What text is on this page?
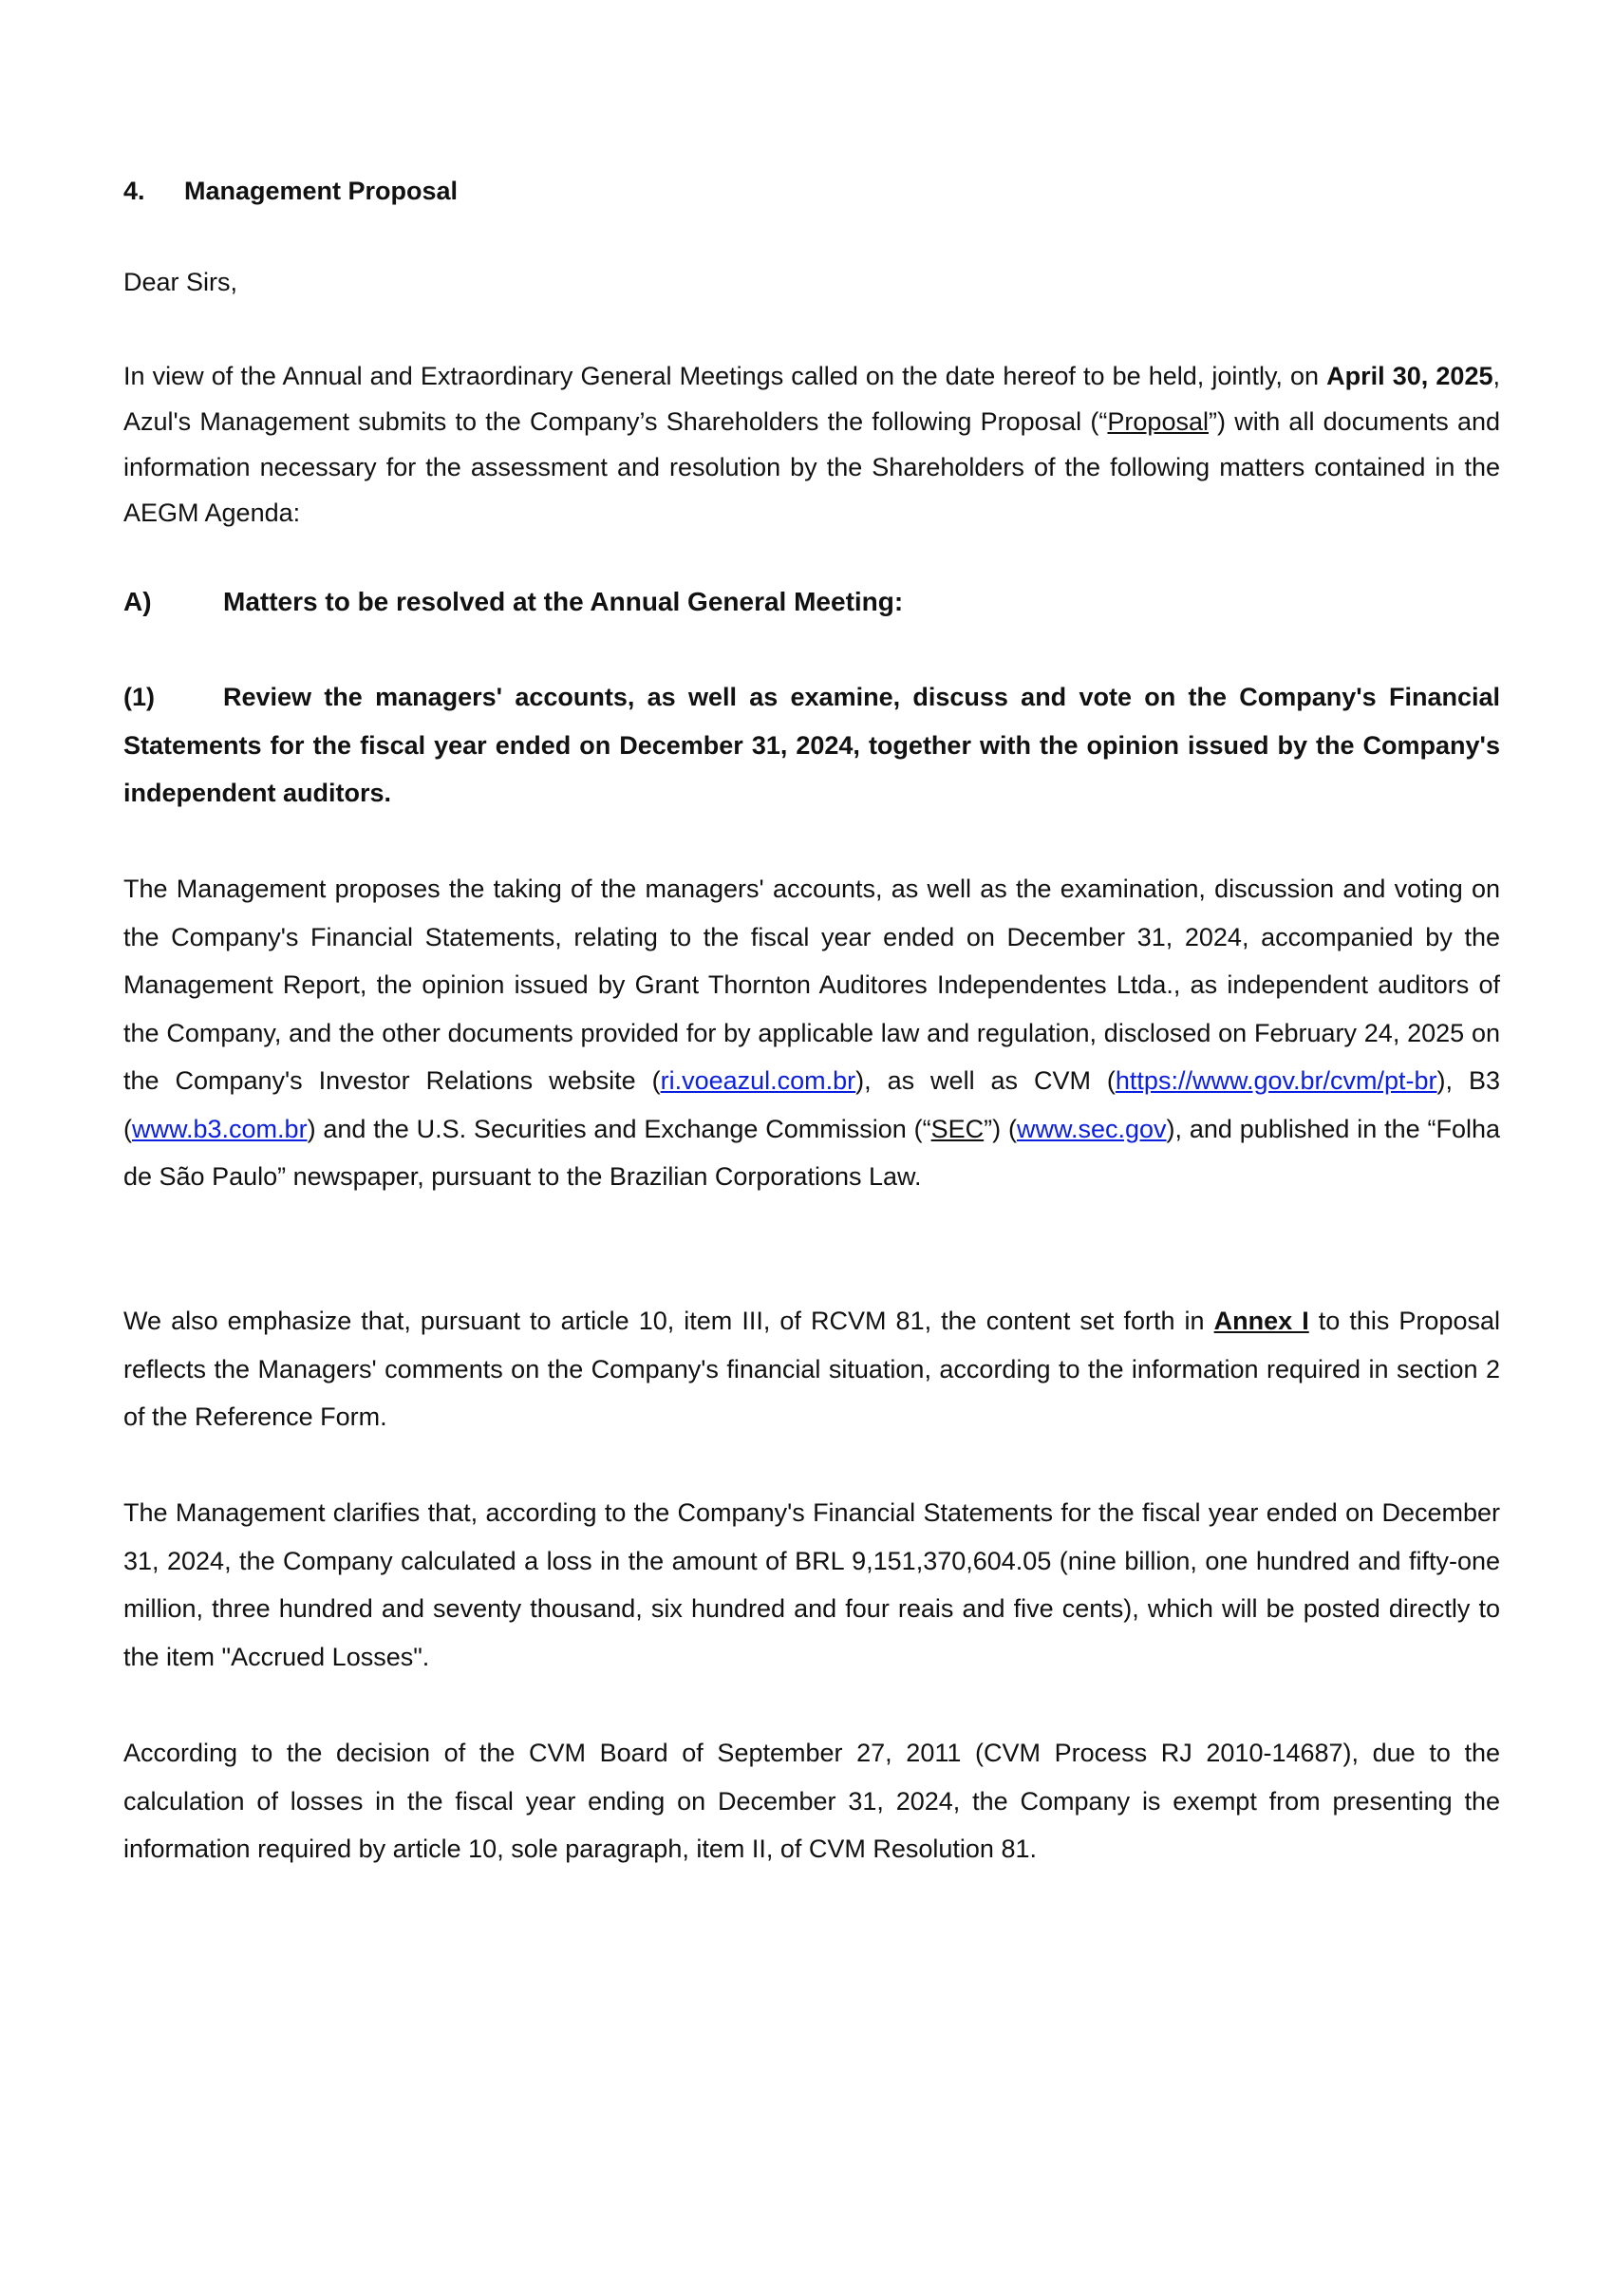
4. Management Proposal
Dear Sirs,
In view of the Annual and Extraordinary General Meetings called on the date hereof to be held, jointly, on April 30, 2025, Azul's Management submits to the Company’s Shareholders the following Proposal (“Proposal”) with all documents and information necessary for the assessment and resolution by the Shareholders of the following matters contained in the AEGM Agenda:
A)	Matters to be resolved at the Annual General Meeting:
(1)	Review the managers' accounts, as well as examine, discuss and vote on the Company's Financial Statements for the fiscal year ended on December 31, 2024, together with the opinion issued by the Company's independent auditors.
The Management proposes the taking of the managers' accounts, as well as the examination, discussion and voting on the Company's Financial Statements, relating to the fiscal year ended on December 31, 2024, accompanied by the Management Report, the opinion issued by Grant Thornton Auditores Independentes Ltda., as independent auditors of the Company, and the other documents provided for by applicable law and regulation, disclosed on February 24, 2025 on the Company's Investor Relations website (ri.voeazul.com.br), as well as CVM (https://www.gov.br/cvm/pt-br), B3 (www.b3.com.br) and the U.S. Securities and Exchange Commission (“SEC”) (www.sec.gov), and published in the “Folha de São Paulo” newspaper, pursuant to the Brazilian Corporations Law.
We also emphasize that, pursuant to article 10, item III, of RCVM 81, the content set forth in Annex I to this Proposal reflects the Managers' comments on the Company's financial situation, according to the information required in section 2 of the Reference Form.
The Management clarifies that, according to the Company's Financial Statements for the fiscal year ended on December 31, 2024, the Company calculated a loss in the amount of BRL 9,151,370,604.05 (nine billion, one hundred and fifty-one million, three hundred and seventy thousand, six hundred and four reais and five cents), which will be posted directly to the item "Accrued Losses".
According to the decision of the CVM Board of September 27, 2011 (CVM Process RJ 2010-14687), due to the calculation of losses in the fiscal year ending on December 31, 2024, the Company is exempt from presenting the information required by article 10, sole paragraph, item II, of CVM Resolution 81.
